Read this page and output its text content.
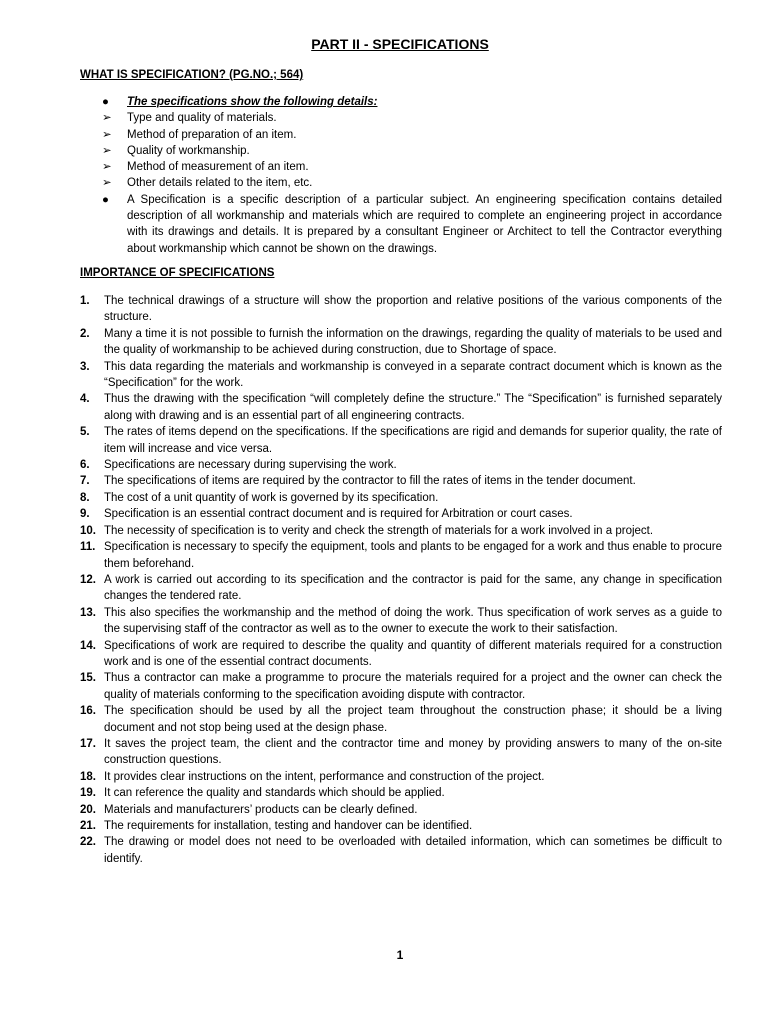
PART II - SPECIFICATIONS
WHAT IS SPECIFICATION? (PG.NO.; 564)
●	The specifications show the following details:
➢	Type and quality of materials.
➢	Method of preparation of an item.
➢	Quality of workmanship.
➢	Method of measurement of an item.
➢	Other details related to the item, etc.
●	A Specification is a specific description of a particular subject. An engineering specification contains detailed description of all workmanship and materials which are required to complete an engineering project in accordance with its drawings and details. It is prepared by a consultant Engineer or Architect to tell the Contractor everything about workmanship which cannot be shown on the drawings.
IMPORTANCE OF SPECIFICATIONS
1. The technical drawings of a structure will show the proportion and relative positions of the various components of the structure.
2. Many a time it is not possible to furnish the information on the drawings, regarding the quality of materials to be used and the quality of workmanship to be achieved during construction, due to Shortage of space.
3. This data regarding the materials and workmanship is conveyed in a separate contract document which is known as the “Specification” for the work.
4. Thus the drawing with the specification “will completely define the structure.” The “Specification” is furnished separately along with drawing and is an essential part of all engineering contracts.
5. The rates of items depend on the specifications. If the specifications are rigid and demands for superior quality, the rate of item will increase and vice versa.
6. Specifications are necessary during supervising the work.
7. The specifications of items are required by the contractor to fill the rates of items in the tender document.
8. The cost of a unit quantity of work is governed by its specification.
9. Specification is an essential contract document and is required for Arbitration or court cases.
10. The necessity of specification is to verity and check the strength of materials for a work involved in a project.
11. Specification is necessary to specify the equipment, tools and plants to be engaged for a work and thus enable to procure them beforehand.
12. A work is carried out according to its specification and the contractor is paid for the same, any change in specification changes the tendered rate.
13. This also specifies the workmanship and the method of doing the work. Thus specification of work serves as a guide to the supervising staff of the contractor as well as to the owner to execute the work to their satisfaction.
14. Specifications of work are required to describe the quality and quantity of different materials required for a construction work and is one of the essential contract documents.
15. Thus a contractor can make a programme to procure the materials required for a project and the owner can check the quality of materials conforming to the specification avoiding dispute with contractor.
16. The specification should be used by all the project team throughout the construction phase; it should be a living document and not stop being used at the design phase.
17. It saves the project team, the client and the contractor time and money by providing answers to many of the on-site construction questions.
18. It provides clear instructions on the intent, performance and construction of the project.
19. It can reference the quality and standards which should be applied.
20. Materials and manufacturers’ products can be clearly defined.
21. The requirements for installation, testing and handover can be identified.
22. The drawing or model does not need to be overloaded with detailed information, which can sometimes be difficult to identify.
1
